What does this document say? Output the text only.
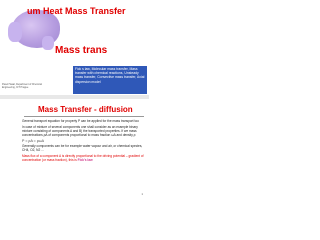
um Heat Mass Transfer
Mass trans
Fick s law, Molecular mass transfer, Mass transfer with chemical reactions, Unsteady mass transfer, Convective mass transfer, Axial dispersion model
Pavel Hasal, Department of Chemical Engineering, ICT Prague
Mass Transfer - diffusion

General transport equation for property P can be applied for the mass transport too

In case of mixture of several components one shall consider as an example binary mixture consisting of components A and B) the transported properties. If we mass concentrations ρA of components proportional to mass fraction ωA and density ρ

P = ρA = ρωA

Generally components can be for example water vapour and air, or chemical species, CH4, O2, N2 ...

Mass flux of a component A is directly proportional to the driving potential – gradient of concentration (or mass fraction), this is Fick's law

1
